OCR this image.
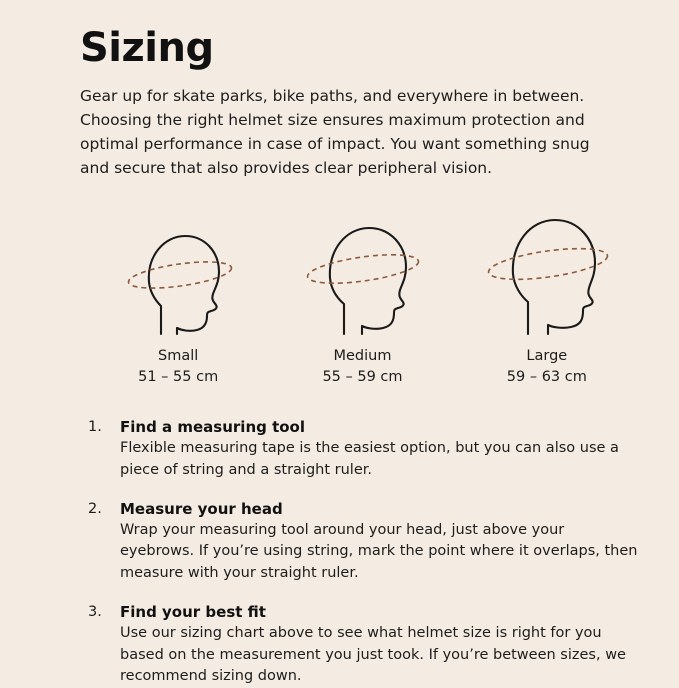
Sizing

Gear up for skate parks, bike paths, and everywhere in between. Choosing the right helmet size ensures maximum protection and optimal performance in case of impact. You want something snug and secure that also provides clear peripheral vision.

Small
51 – 55 cm
Medium
55 – 59 cm
Large
59 – 63 cm
1.	Find a measuring tool
Flexible measuring tape is the easiest option, but you can also use a piece of string and a straight ruler.
2.	Measure your head
Wrap your measuring tool around your head, just above your eyebrows. If you’re using string, mark the point where it overlaps, then measure with your straight ruler.
3.	Find your best fit
Use our sizing chart above to see what helmet size is right for you based on the measurement you just took. If you’re between sizes, we recommend sizing down.
